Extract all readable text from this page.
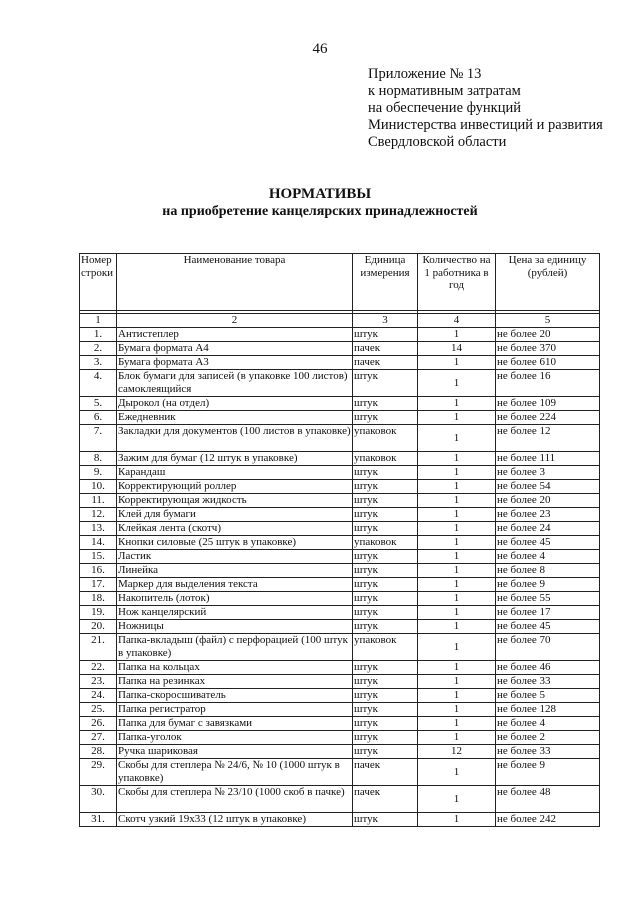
46
Приложение № 13
к нормативным затратам
на обеспечение функций
Министерства инвестиций и развития
Свердловской области
НОРМАТИВЫ
на приобретение канцелярских принадлежностей
Номер строки	Наименование товара	Единица измерения	Количество на 1 работника в год	Цена за единицу (рублей)

1	2	3	4	5
1.	Антистеплер	штук	1	не более 20
2.	Бумага формата А4	пачек	14	не более 370
3.	Бумага формата А3	пачек	1	не более 610
4.	Блок бумаги для записей (в упаковке 100 листов) самоклеящийся	штук	1	не более 16
5.	Дырокол (на отдел)	штук	1	не более 109
6.	Ежедневник	штук	1	не более 224
7.	Закладки для документов (100 листов в упаковке)	упаковок	1	не более 12
8.	Зажим для бумаг (12 штук в упаковке)	упаковок	1	не более 111
9.	Карандаш	штук	1	не более 3
10.	Корректирующий роллер	штук	1	не более 54
11.	Корректирующая жидкость	штук	1	не более 20
12.	Клей для бумаги	штук	1	не более 23
13.	Клейкая лента (скотч)	штук	1	не более 24
14.	Кнопки силовые (25 штук в упаковке)	упаковок	1	не более 45
15.	Ластик	штук	1	не более 4
16.	Линейка	штук	1	не более 8
17.	Маркер для выделения текста	штук	1	не более 9
18.	Накопитель (лоток)	штук	1	не более 55
19.	Нож канцелярский	штук	1	не более 17
20.	Ножницы	штук	1	не более 45
21.	Папка-вкладыш (файл) с перфорацией (100 штук в упаковке)	упаковок	1	не более 70
22.	Папка на кольцах	штук	1	не более 46
23.	Папка на резинках	штук	1	не более 33
24.	Папка-скоросшиватель	штук	1	не более 5
25.	Папка регистратор	штук	1	не более 128
26.	Папка для бумаг с завязками	штук	1	не более 4
27.	Папка-уголок	штук	1	не более 2
28.	Ручка шариковая	штук	12	не более 33
29.	Скобы для степлера № 24/6, № 10 (1000 штук в упаковке)	пачек	1	не более 9
30.	Скобы для степлера № 23/10 (1000 скоб в пачке)	пачек	1	не более 48
31.	Скотч узкий 19х33 (12 штук в упаковке)	штук	1	не более 242
